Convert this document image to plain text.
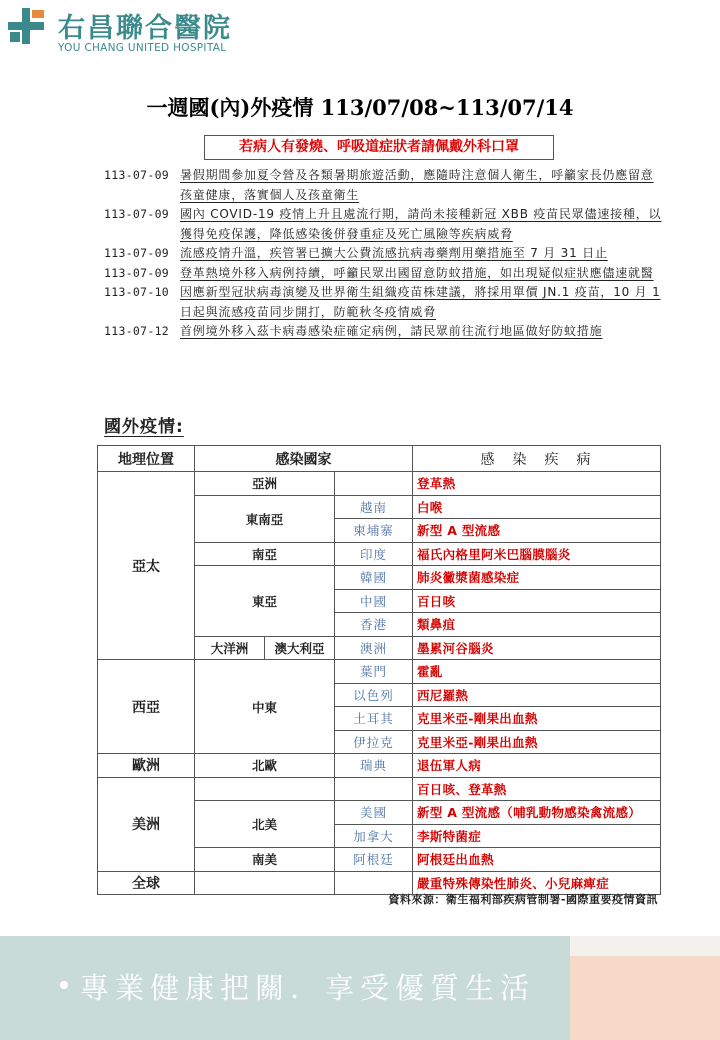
右昌聯合醫院
YOU CHANG UNITED HOSPITAL
一週國(內)外疫情 113/07/08~113/07/14
若病人有發燒、呼吸道症狀者請佩戴外科口罩
113-07-09 暑假期間參加夏令營及各類暑期旅遊活動，應隨時注意個人衛生，呼籲家長仍應留意孩童健康，落實個人及孩童衛生
113-07-09 國內 COVID-19 疫情上升且處流行期，請尚未接種新冠 XBB 疫苗民眾儘速接種，以獲得免疫保護，降低感染後併發重症及死亡風險等疾病威脅
113-07-09 流感疫情升溫，疾管署已擴大公費流感抗病毒藥劑用藥措施至 7 月 31 日止
113-07-09 登革熱境外移入病例持續，呼籲民眾出國留意防蚊措施，如出現疑似症狀應儘速就醫
113-07-10 因應新型冠狀病毒演變及世界衛生組織疫苗株建議，將採用單價 JN.1 疫苗，10 月 1 日起與流感疫苗同步開打，防範秋冬疫情威脅
113-07-12 首例境外移入茲卡病毒感染症確定病例，請民眾前往流行地區做好防蚊措施
國外疫情:
地理位置	感染國家			感　染　疾　病
亞太	亞洲			登革熱
	東南亞		越南	白喉
			柬埔寨	新型 A 型流感
	南亞		印度	福氏內格里阿米巴腦膜腦炎
	東亞		韓國	肺炎黴漿菌感染症
			中國	百日咳
			香港	類鼻疽
	大洋洲	澳大利亞	澳洲	墨累河谷腦炎
西亞	中東		葉門	霍亂
			以色列	西尼羅熱
			土耳其	克里米亞-剛果出血熱
			伊拉克	克里米亞-剛果出血熱
歐洲	北歐		瑞典	退伍軍人病
美洲				百日咳、登革熱
	北美		美國	新型 A 型流感（哺乳動物感染禽流感）
			加拿大	李斯特菌症
	南美		阿根廷	阿根廷出血熱
全球				嚴重特殊傳染性肺炎、小兒麻痺症
資料來源：衛生福利部疾病管制署-國際重要疫情資訊
專業健康把關．享受優質生活
